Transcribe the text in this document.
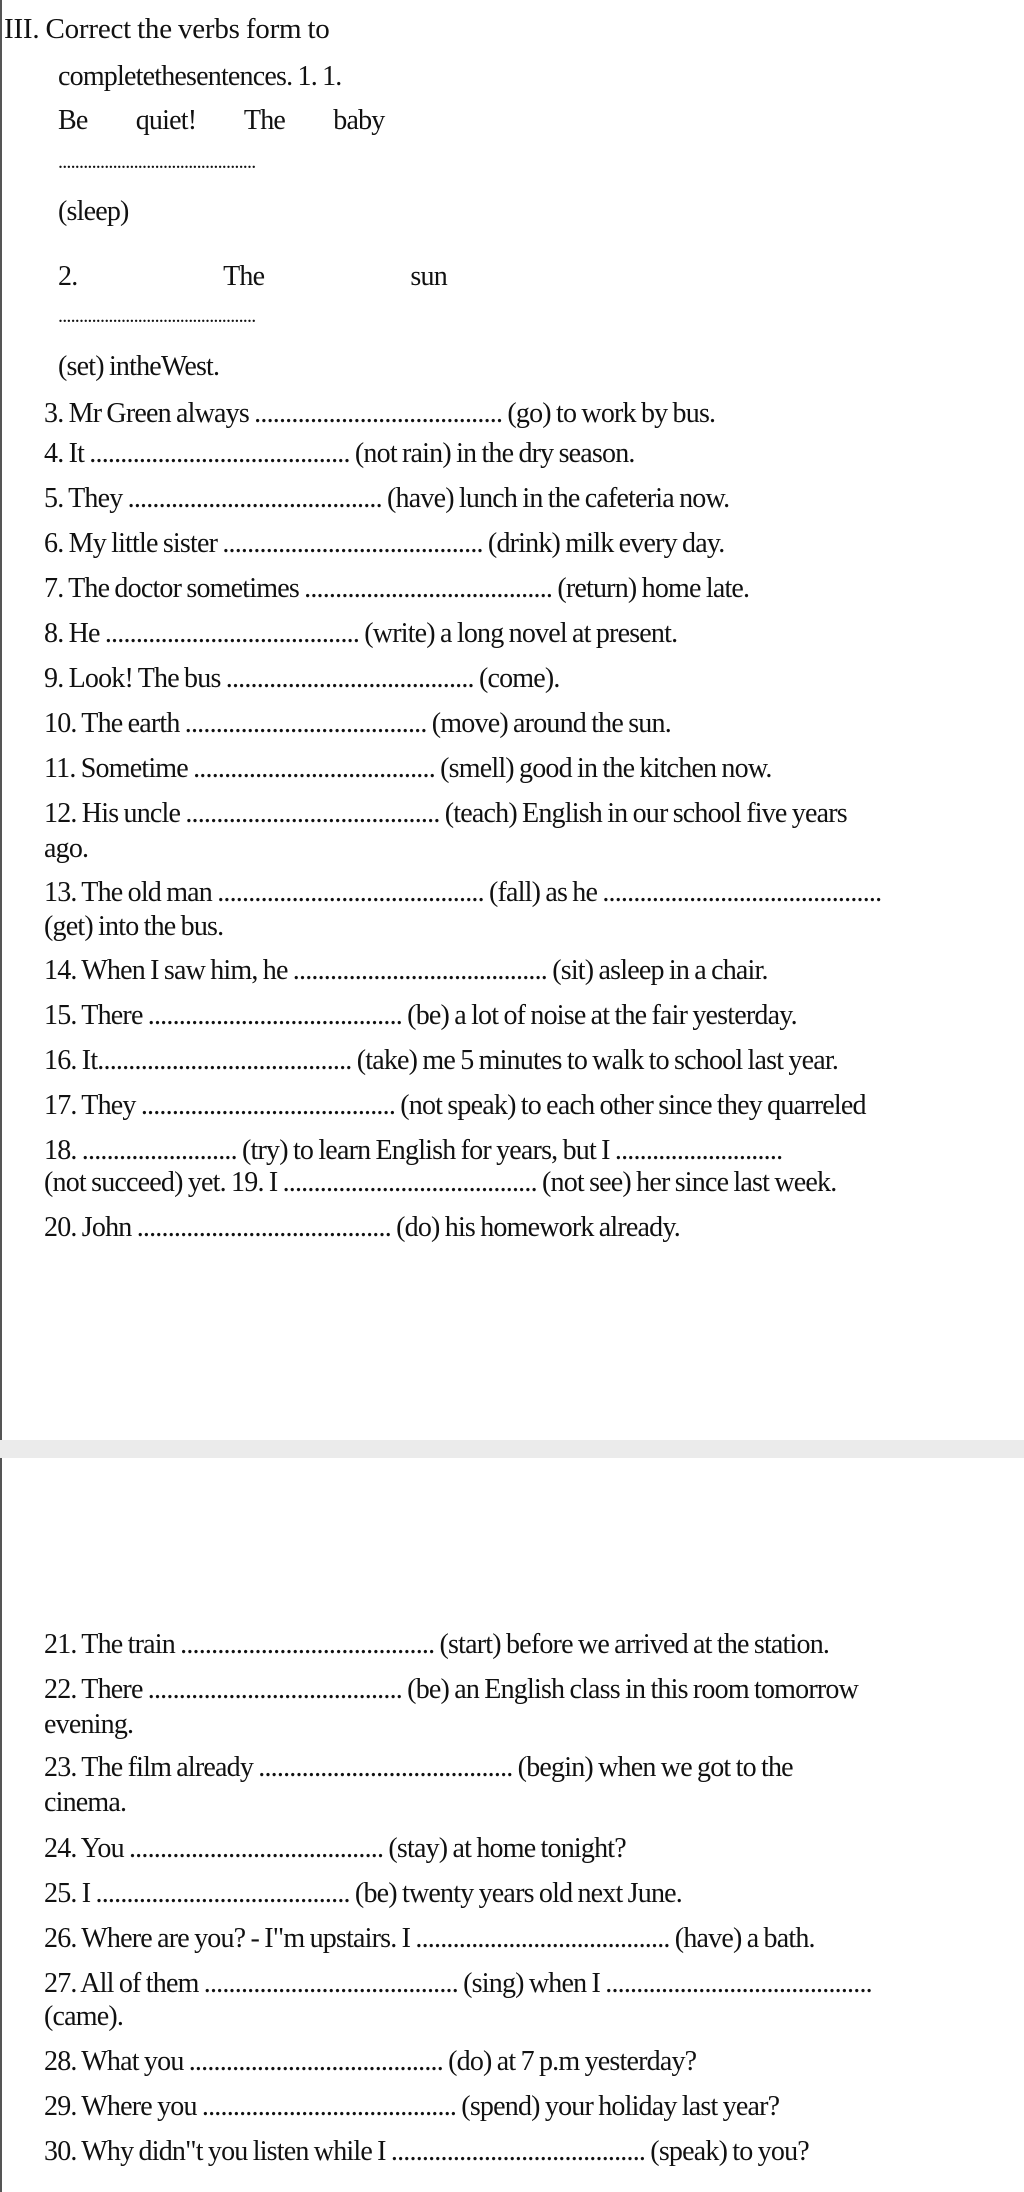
III. Correct the verbs form to
completethesentences. 1. 1.
Be quiet! The baby
...............................................
(sleep)
2. The sun
...............................................
(set) intheWest.
3. Mr Green always ........................................ (go) to work by bus.
4. It .......................................... (not rain) in the dry season.
5. They ......................................... (have) lunch in the cafeteria now.
6. My little sister .......................................... (drink) milk every day.
7. The doctor sometimes ........................................ (return) home late.
8. He ......................................... (write) a long novel at present.
9. Look! The bus ........................................ (come).
10. The earth ....................................... (move) around the sun.
11. Sometime ....................................... (smell) good in the kitchen now.
12. His uncle ......................................... (teach) English in our school five years
ago.
13. The old man ........................................... (fall) as he .............................................
(get) into the bus.
14. When I saw him, he ......................................... (sit) asleep in a chair.
15. There ......................................... (be) a lot of noise at the fair yesterday.
16. It......................................... (take) me 5 minutes to walk to school last year.
17. They ......................................... (not speak) to each other since they quarreled
18. ......................... (try) to learn English for years, but I ...........................
(not succeed) yet. 19. I ......................................... (not see) her since last week.
20. John ......................................... (do) his homework already.
21. The train ......................................... (start) before we arrived at the station.
22. There ......................................... (be) an English class in this room tomorrow
evening.
23. The film already ......................................... (begin) when we got to the
cinema.
24. You ......................................... (stay) at home tonight?
25. I ......................................... (be) twenty years old next June.
26. Where are you? - I"m upstairs. I ......................................... (have) a bath.
27. All of them ......................................... (sing) when I ...........................................
(came).
28. What you ......................................... (do) at 7 p.m yesterday?
29. Where you ......................................... (spend) your holiday last year?
30. Why didn"t you listen while I ......................................... (speak) to you?
